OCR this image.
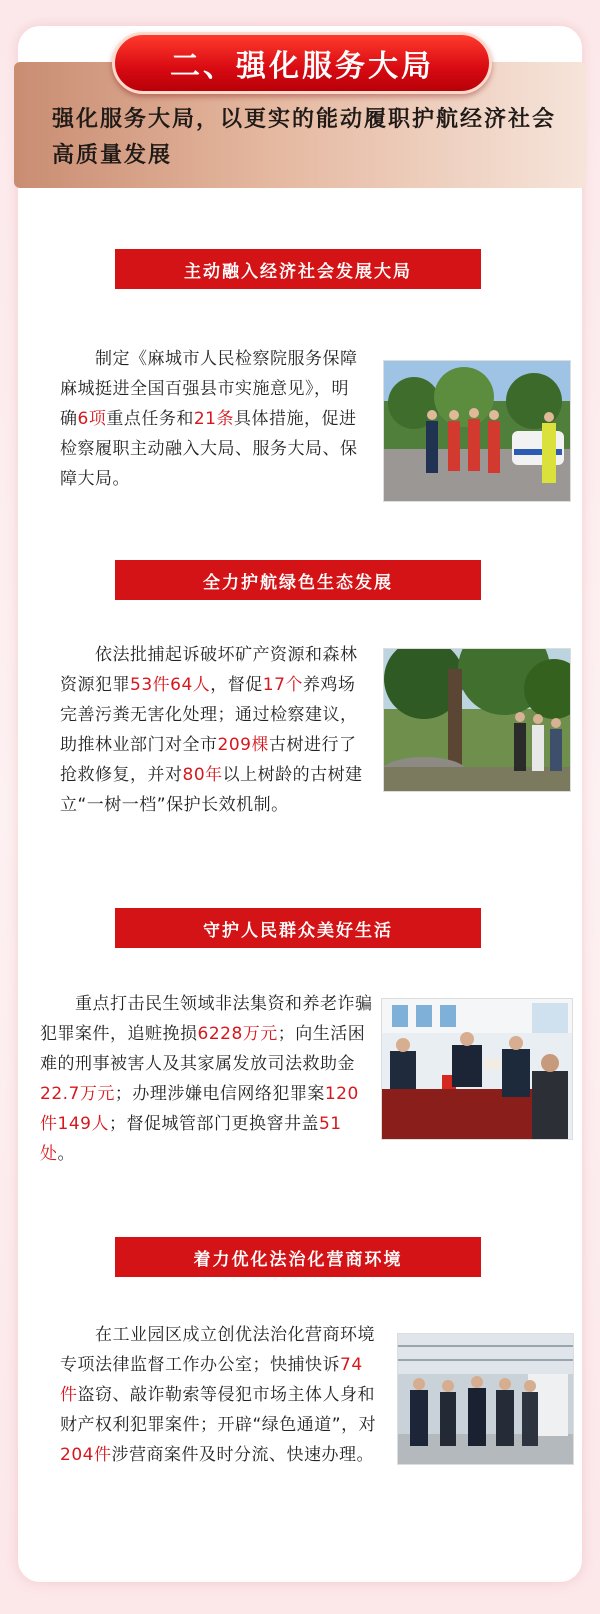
强化服务大局，以更实的能动履职护航经济社会高质量发展
二、强化服务大局
主动融入经济社会发展大局
　　制定《麻城市人民检察院服务保障麻城挺进全国百强县市实施意见》，明确6项重点任务和21条具体措施，促进检察履职主动融入大局、服务大局、保障大局。
全力护航绿色生态发展
　　依法批捕起诉破坏矿产资源和森林资源犯罪53件64人，督促17个养鸡场完善污粪无害化处理；通过检察建议，助推林业部门对全市209棵古树进行了抢救修复，并对80年以上树龄的古树建立“一树一档”保护长效机制。
守护人民群众美好生活
　　重点打击民生领域非法集资和养老诈骗犯罪案件，追赃挽损6228万元；向生活困难的刑事被害人及其家属发放司法救助金22.7万元；办理涉嫌电信网络犯罪案120件149人；督促城管部门更换窨井盖51处。
着力优化法治化营商环境
　　在工业园区成立创优法治化营商环境专项法律监督工作办公室；快捕快诉74件盗窃、敲诈勒索等侵犯市场主体人身和财产权利犯罪案件；开辟“绿色通道”，对204件涉营商案件及时分流、快速办理。
